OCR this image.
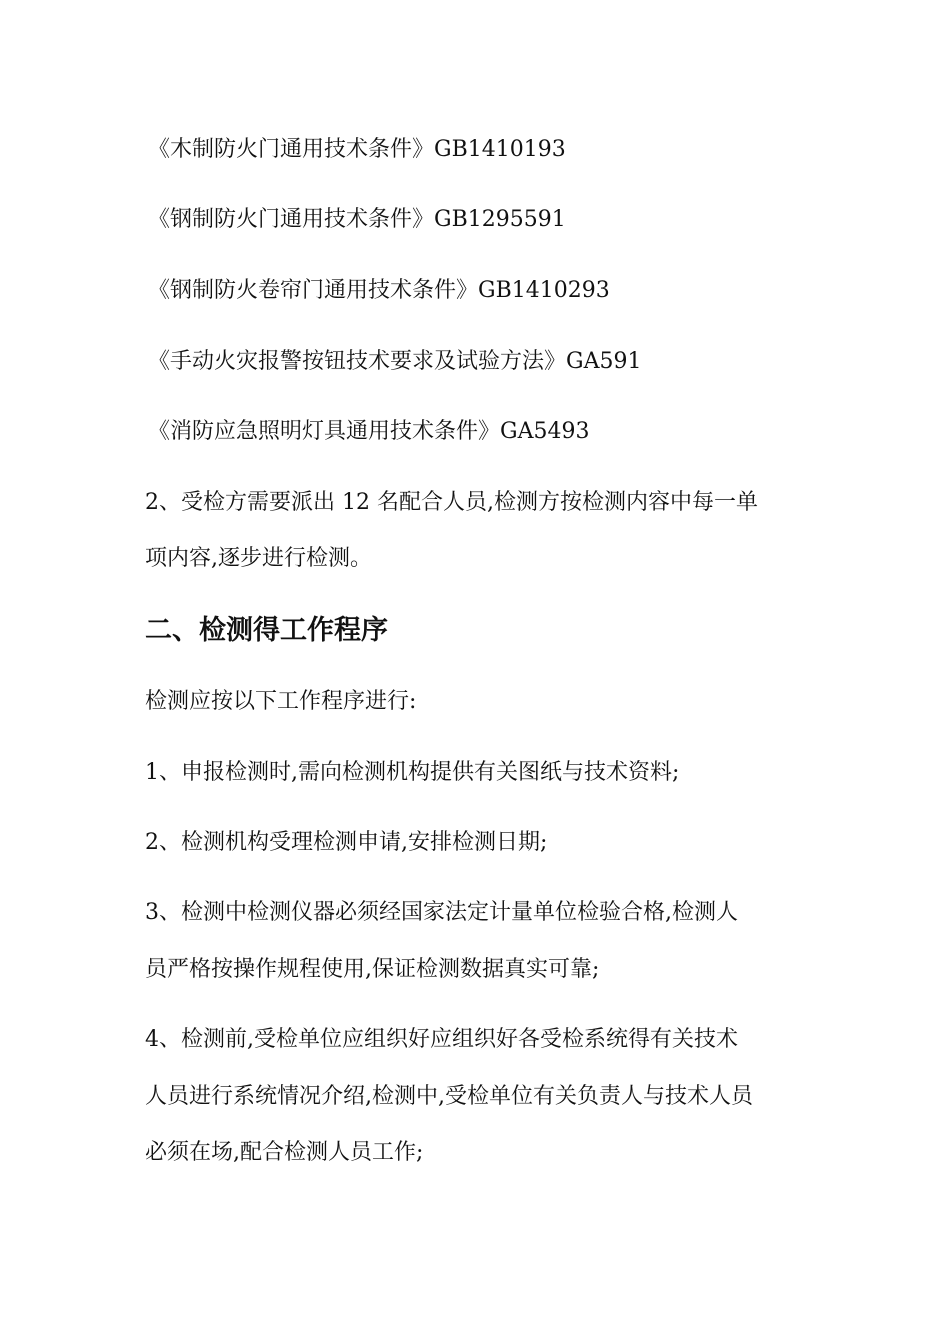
《木制防火门通用技术条件》GB1410193
《钢制防火门通用技术条件》GB1295591
《钢制防火卷帘门通用技术条件》GB1410293
《手动火灾报警按钮技术要求及试验方法》GA591
《消防应急照明灯具通用技术条件》GA5493
2、受检方需要派出 12 名配合人员,检测方按检测内容中每一单
项内容,逐步进行检测。
二、检测得工作程序
检测应按以下工作程序进行:
1、申报检测时,需向检测机构提供有关图纸与技术资料;
2、检测机构受理检测申请,安排检测日期;
3、检测中检测仪器必须经国家法定计量单位检验合格,检测人
员严格按操作规程使用,保证检测数据真实可靠;
4、检测前,受检单位应组织好应组织好各受检系统得有关技术
人员进行系统情况介绍,检测中,受检单位有关负责人与技术人员
必须在场,配合检测人员工作;
